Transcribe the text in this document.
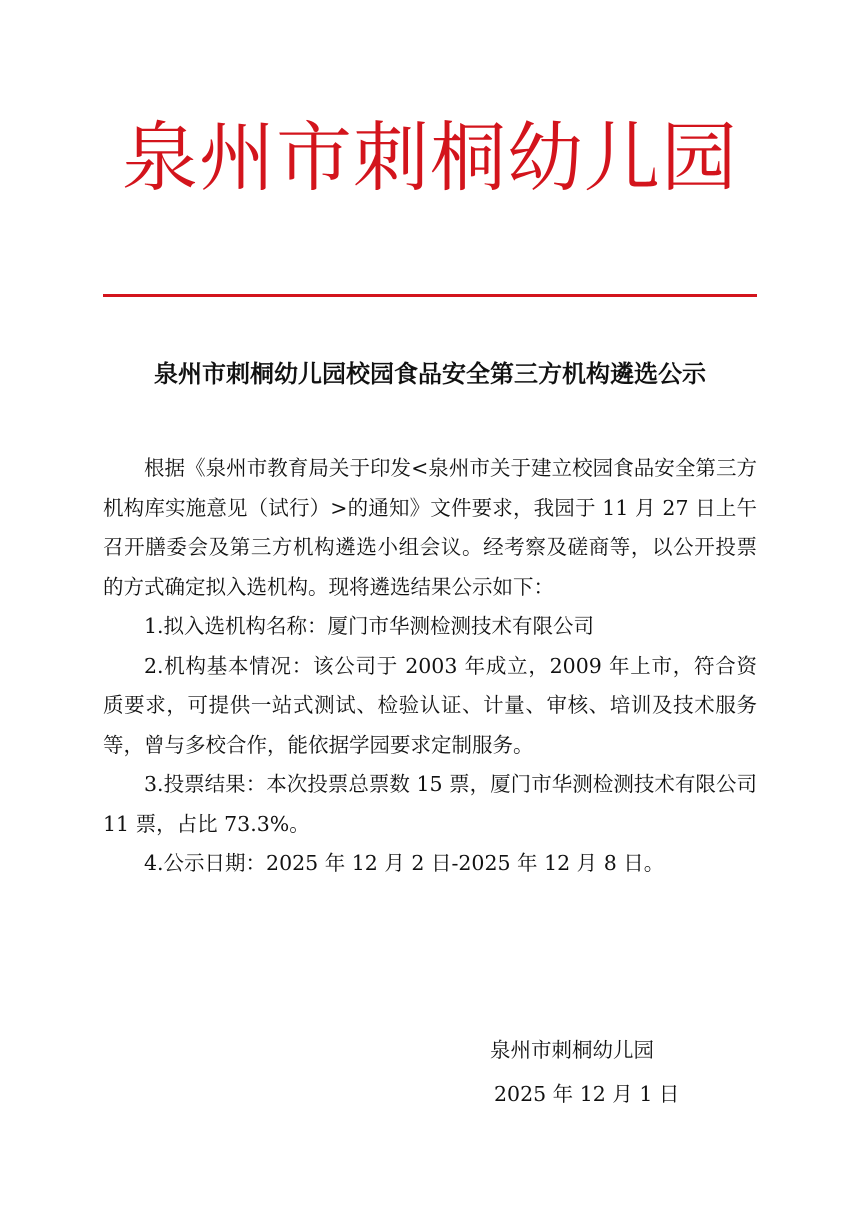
泉州市刺桐幼儿园
泉州市刺桐幼儿园校园食品安全第三方机构遴选公示

根据《泉州市教育局关于印发<泉州市关于建立校园食品安全第三方机构库实施意见（试行）>的通知》文件要求，我园于 11 月 27 日上午召开膳委会及第三方机构遴选小组会议。经考察及磋商等，以公开投票的方式确定拟入选机构。现将遴选结果公示如下：

1.拟入选机构名称：厦门市华测检测技术有限公司

2.机构基本情况：该公司于 2003 年成立，2009 年上市，符合资质要求，可提供一站式测试、检验认证、计量、审核、培训及技术服务等，曾与多校合作，能依据学园要求定制服务。

3.投票结果：本次投票总票数 15 票，厦门市华测检测技术有限公司 11 票，占比 73.3%。

4.公示日期：2025 年 12 月 2 日-2025 年 12 月 8 日。

泉州市刺桐幼儿园
2025 年 12 月 1 日
